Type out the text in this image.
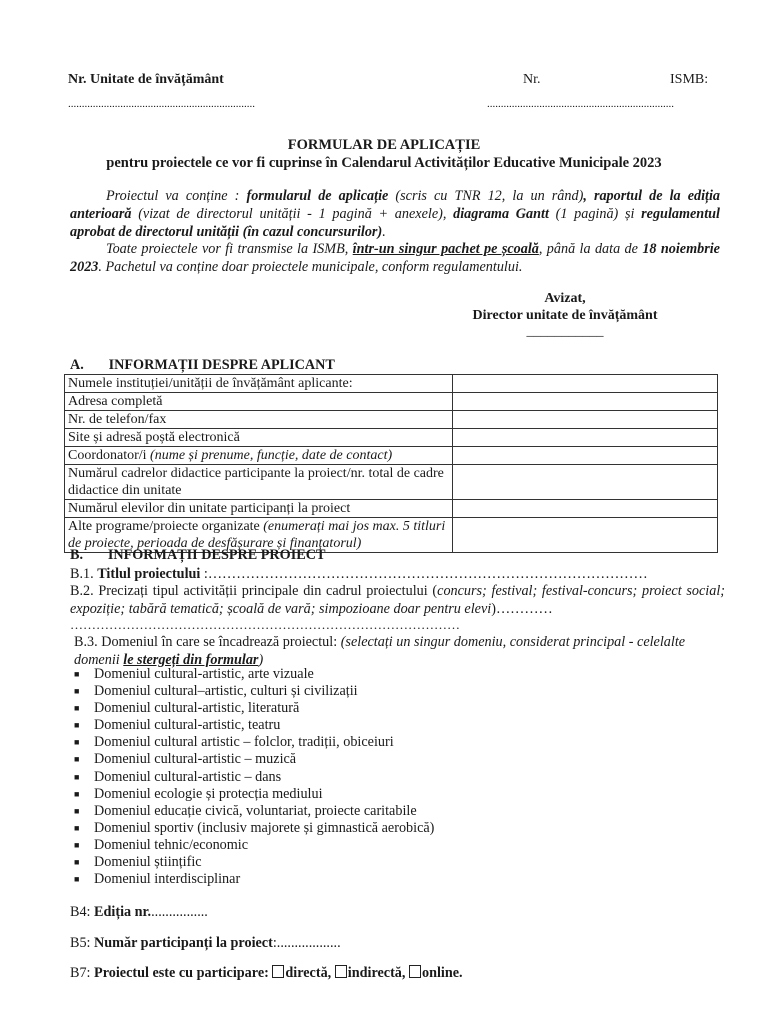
Nr. Unitate de învățământ	Nr.	ISMB:
....................................................................	....................................................................
FORMULAR DE APLICAȚIE
pentru proiectele ce vor fi cuprinse în Calendarul Activităților Educative Municipale 2023
Proiectul va conține : formularul de aplicație (scris cu TNR 12, la un rând), raportul de la ediția anterioară (vizat de directorul unității - 1 pagină + anexele), diagrama Gantt (1 pagină) și regulamentul aprobat de directorul unității (în cazul concursurilor).
Toate proiectele vor fi transmise la ISMB, într-un singur pachet pe școală, până la data de 18 noiembrie 2023. Pachetul va conține doar proiectele municipale, conform regulamentului.
Avizat,
Director unitate de învățământ
___________
A.       INFORMAȚII DESPRE APLICANT
Numele instituției/unității de învățământ aplicante:	
Adresa completă	
Nr. de telefon/fax	
Site și adresă poștă electronică	
Coordonator/i (nume și prenume, funcție, date de contact)	
Numărul cadrelor didactice participante la proiect/nr. total de cadre didactice din unitate	
Numărul elevilor din unitate participanți la proiect	
Alte programe/proiecte organizate (enumerați mai jos max. 5 titluri de proiecte, perioada de desfășurare și finanțatorul)	
B.       INFORMAȚII DESPRE PROIECT
B.1. Titlul proiectului :…………………………………………………………………………………
B.2. Precizați tipul activității principale din cadrul proiectului (concurs; festival; festival-concurs; proiect social; expoziție; tabără tematică; școală de vară; simpozioane doar pentru elevi)…………
………………………………………………………………………………
B.3. Domeniul în care se încadrează proiectul: (selectați un singur domeniu, considerat principal - celelalte domenii le stergeți din formular)
■ Domeniul cultural-artistic, arte vizuale
■ Domeniul cultural–artistic, culturi și civilizații
■ Domeniul cultural-artistic, literatură
■ Domeniul cultural-artistic, teatru
■ Domeniul cultural artistic – folclor, tradiții, obiceiuri
■ Domeniul cultural-artistic – muzică
■ Domeniul cultural-artistic – dans
■ Domeniul ecologie și protecția mediului
■ Domeniul educație civică, voluntariat, proiecte caritabile
■ Domeniul sportiv (inclusiv majorete și gimnastică aerobică)
■ Domeniul tehnic/economic
■ Domeniul științific
■ Domeniul interdisciplinar
B4: Ediția nr.................
B5: Număr participanți la proiect:..................
B7: Proiectul este cu participare: directă, indirectă, online.
